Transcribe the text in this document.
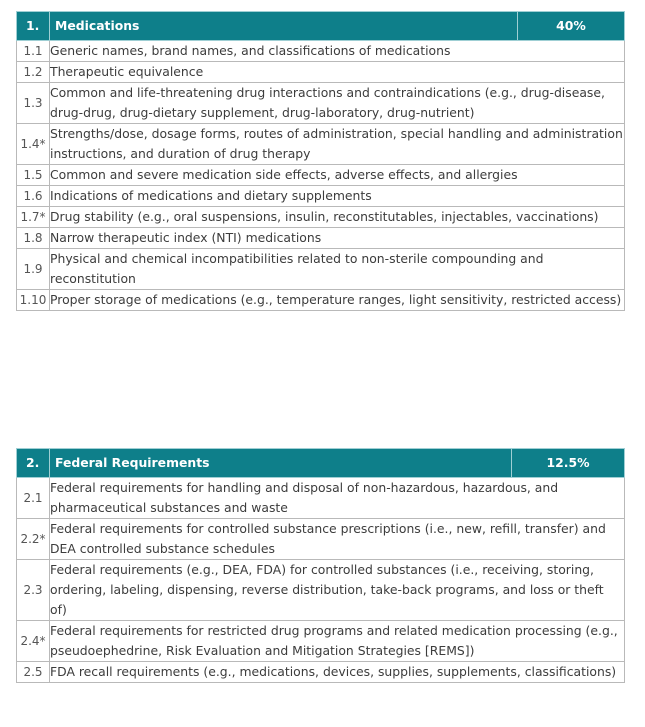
1.	Medications	40%
1.1	Generic names, brand names, and classifications of medications	
1.2	Therapeutic equivalence	
1.3	Common and life-threatening drug interactions and contraindications (e.g., drug-disease, drug-drug, drug-dietary supplement, drug-laboratory, drug-nutrient)	
1.4*	Strengths/dose, dosage forms, routes of administration, special handling and administration instructions, and duration of drug therapy	
1.5	Common and severe medication side effects, adverse effects, and allergies	
1.6	Indications of medications and dietary supplements	
1.7*	Drug stability (e.g., oral suspensions, insulin, reconstitutables, injectables, vaccinations)	
1.8	Narrow therapeutic index (NTI) medications	
1.9	Physical and chemical incompatibilities related to non-sterile compounding and reconstitution	
1.10	Proper storage of medications (e.g., temperature ranges, light sensitivity, restricted access)	
2.	Federal Requirements	12.5%
2.1	Federal requirements for handling and disposal of non-hazardous, hazardous, and pharmaceutical substances and waste	
2.2*	Federal requirements for controlled substance prescriptions (i.e., new, refill, transfer) and DEA controlled substance schedules	
2.3	Federal requirements (e.g., DEA, FDA) for controlled substances (i.e., receiving, storing, ordering, labeling, dispensing, reverse distribution, take-back programs, and loss or theft of)	
2.4*	Federal requirements for restricted drug programs and related medication processing (e.g., pseudoephedrine, Risk Evaluation and Mitigation Strategies [REMS])	
2.5	FDA recall requirements (e.g., medications, devices, supplies, supplements, classifications)	
